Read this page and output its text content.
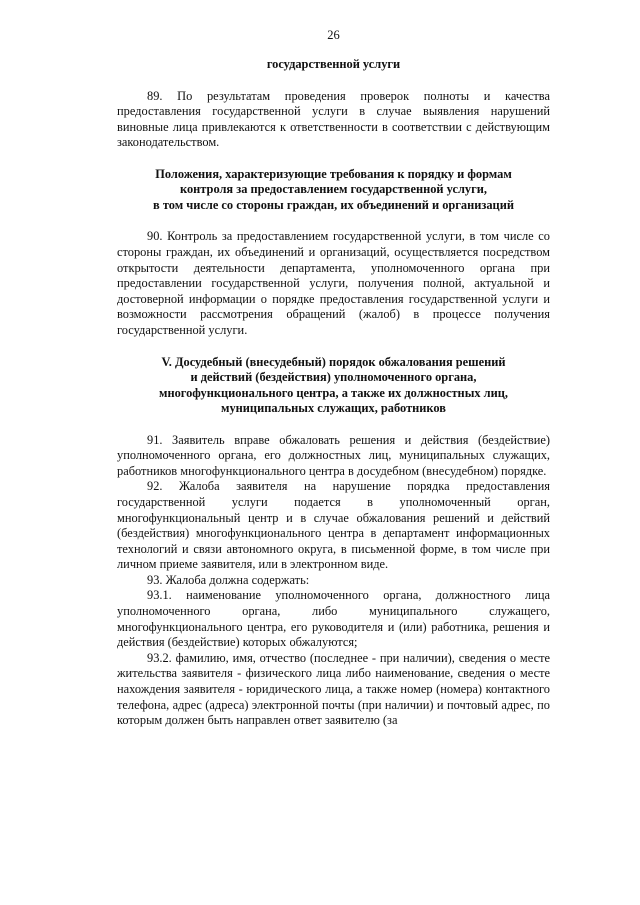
26

государственной услуги

89. По результатам проведения проверок полноты и качества предоставления государственной услуги в случае выявления нарушений виновные лица привлекаются к ответственности в соответствии с действующим законодательством.

Положения, характеризующие требования к порядку и формам
контроля за предоставлением государственной услуги,
в том числе со стороны граждан, их объединений и организаций

90. Контроль за предоставлением государственной услуги, в том числе со стороны граждан, их объединений и организаций, осуществляется посредством открытости деятельности департамента, уполномоченного органа при предоставлении государственной услуги, получения полной, актуальной и достоверной информации о порядке предоставления государственной услуги и возможности рассмотрения обращений (жалоб) в процессе получения государственной услуги.

V. Досудебный (внесудебный) порядок обжалования решений
и действий (бездействия) уполномоченного органа,
многофункционального центра, а также их должностных лиц,
муниципальных служащих, работников

91. Заявитель вправе обжаловать решения и действия (бездействие) уполномоченного органа, его должностных лиц, муниципальных служащих, работников многофункционального центра в досудебном (внесудебном) порядке.

92. Жалоба заявителя на нарушение порядка предоставления государственной услуги подается в уполномоченный орган, многофункциональный центр и в случае обжалования решений и действий (бездействия) многофункционального центра в департамент информационных технологий и связи автономного округа, в письменной форме, в том числе при личном приеме заявителя, или в электронном виде.

93. Жалоба должна содержать:

93.1. наименование уполномоченного органа, должностного лица уполномоченного органа, либо муниципального служащего, многофункционального центра, его руководителя и (или) работника, решения и действия (бездействие) которых обжалуются;

93.2. фамилию, имя, отчество (последнее - при наличии), сведения о месте жительства заявителя - физического лица либо наименование, сведения о месте нахождения заявителя - юридического лица, а также номер (номера) контактного телефона, адрес (адреса) электронной почты (при наличии) и почтовый адрес, по которым должен быть направлен ответ заявителю (за
